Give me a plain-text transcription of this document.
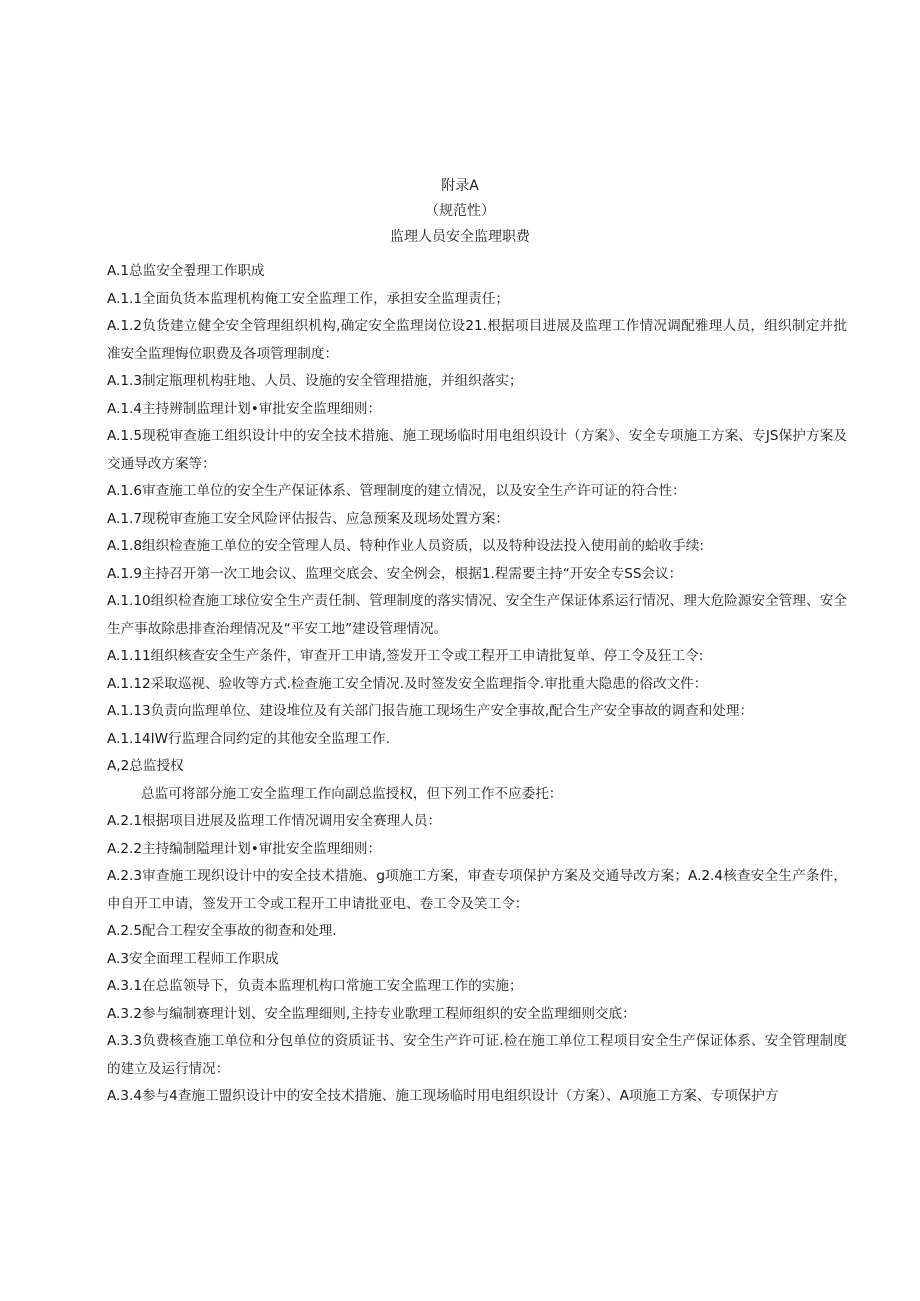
附录A
（规范性）
监理人员安全监理职费

A.1总监安全쮶理工作职成

A.1.1全面负货本监理机构俺工安全监理工作，承担安全监理责任；

A.1.2负货建立健全安全管理组织机构,确定安全监理岗位设21.根据项目进展及监理工作情况调配雅理人员，组织制定并批准安全监理悔位职费及各项管理制度：

A.1.3制定瓶理机构驻地、人员、设施的安全管理措施，并组织落实；

A.1.4主持辨制监理计划•审批安全监理细则：

A.1.5现税审查施工组织设计中的安全技术措施、施工现场临时用电组织设计（方案》、安全专项施工方案、专JS保护方案及交通导改方案等：

A.1.6审查施工单位的安全生产保证体系、管理制度的建立情况，以及安全生产许可证的符合性：

A.1.7现税审查施工安全风险评估报告、应急预案及现场处置方案：

A.1.8组织检查施工单位的安全管理人员、特种作业人员资质，以及特种设法投入使用前的蛤收手续:

A.1.9主持召开第一次工地会议、监理交底会、安全例会，根据1.程需要主持“开安全专SS会议：

A.1.10组织检查施工球位安全生产责任制、管理制度的落实情况、安全生产保证体系运行情况、理大危险源安全管理、安全生产事故除患排查治理情况及“平安工地”建设管理情况。

A.1.11组织核查安全生产条件，审查开工申请,签发开工令或工程开工申请批复单、停工令及狂工令:

A.1.12采取巡视、验收等方式.检查施工安全情况.及时签发安全监理指令.审批重大隐患的俗改文件：

A.1.13负责向监理单位、建设堆位及有关部门报告施工现场生产安全事故,配合生产安全事故的调查和处理：

A.1.14IW行监理合同约定的其他安全监理工作.

A,2总监授权

总监可将部分施工安全监理工作向副总监授权，但下列工作不应委托：

A.2.1根据项目进展及监理工作情况调用安全赛理人员：

A.2.2主持编制隘理计划•审批安全监理细则：

A.2.3审查施工现织设计中的安全技术措施、g项施工方案，审查专项保护方案及交通导改方案；A.2.4核查安全生产条件，申自开工申请，签发开工令或工程开工申请批亚电、卷工令及笑工令：

A.2.5配合工程安全事故的彻查和处理.

A.3安全面理工程师工作职成

A.3.1在总监领导下，负责本监理机构口常施工安全监理工作的实施；

A.3.2参与编制赛理计划、安全监理细则,主持专业歌理工程师组织的安全监理细则交底：

A.3.3负费核查施工单位和分包单位的资质证书、安全生产许可证.检在施工单位工程项目安全生产保证体系、安全管理制度的建立及运行情况：

A.3.4参与4查施工盟织设计中的安全技术措施、施工现场临时用电组织设计（方案）、A项施工方案、专项保护方
